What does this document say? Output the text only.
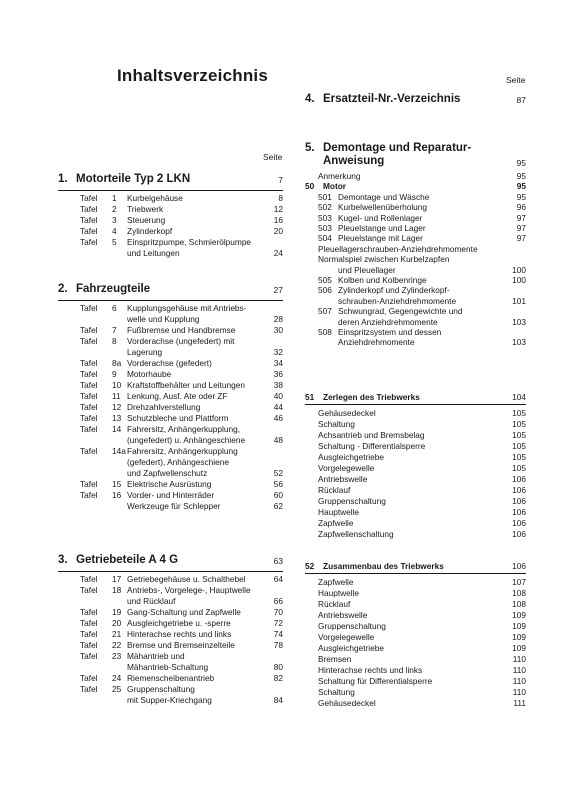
Inhaltsverzeichnis	Seite
Seite
1. Motorteile Typ 2 LKN	7
Tafel 1 Kurbelgehäuse	8
Tafel 2 Triebwerk	12
Tafel 3 Steuerung	16
Tafel 4 Zylinderkopf	20
Tafel 5 Einspritzpumpe, Schmierölpumpe
und Leitungen	24
2. Fahrzeugteile	27
Tafel 6 Kupplungsgehäuse mit Antriebs-
welle und Kupplung	28
Tafel 7 Fußbremse und Handbremse	30
Tafel 8 Vorderachse (ungefedert) mit
Lagerung	32
Tafel 8a Vorderachse (gefedert)	34
Tafel 9 Motorhaube	36
Tafel 10 Kraftstoffbehälter und Leitungen	38
Tafel 11 Lenkung, Ausf. Ate oder ZF	40
Tafel 12 Drehzahlverstellung	44
Tafel 13 Schutzbleche und Plattform	46
Tafel 14 Fahrersitz, Anhängerkupplung,
(ungefedert) u. Anhängeschiene	48
Tafel 14a Fahrersitz, Anhängerkupplung
(gefedert), Anhängeschiene
und Zapfwellenschutz	52
Tafel 15 Elektrische Ausrüstung	56
Tafel 16 Vorder- und Hinterräder	60
Werkzeuge für Schlepper	62
3. Getriebeteile A 4 G	63
Tafel 17 Getriebegehäuse u. Schalthebel	64
Tafel 18 Antriebs-, Vorgelege-, Hauptwelle
und Rücklauf	66
Tafel 19 Gang-Schaltung und Zapfwelle	70
Tafel 20 Ausgleichgetriebe u. -sperre	72
Tafel 21 Hinterachse rechts und links	74
Tafel 22 Bremse und Bremseinzelteile	78
Tafel 23 Mähantrieb und
Mähantrieb-Schaltung	80
Tafel 24 Riemenscheibenantrieb	82
Tafel 25 Gruppenschaltung
mit Supper-Kriechgang	84
4. Ersatzteil-Nr.-Verzeichnis	87
5. Demontage und Reparatur-
Anweisung	95
Anmerkung	95
50 Motor	95
501 Demontage und Wäsche	95
502 Kurbelwellenüberholung	96
503 Kugel- und Rollenlager	97
503 Pleuelstange und Lager	97
504 Pleuelstange mit Lager	97
Pleuellagerschrauben-Anziehdrehmomente
Normalspiel zwischen Kurbelzapfen
und Pleuellager	100
505 Kolben und Kolbenringe	100
506 Zylinderkopf und Zylinderkopf-
schrauben-Anziehdrehmomente	101
507 Schwungrad, Gegengewichte und
deren Anziehdrehmomente	103
508 Einspritzsystem und dessen
Anziehdrehmomente	103
51 Zerlegen des Triebwerks	104
Gehäusedeckel	105
Schaltung	105
Achsantrieb und Bremsbelag	105
Schaltung - Differentialsperre	105
Ausgleichgetriebe	105
Vorgelegewelle	105
Antriebswelle	106
Rücklauf	106
Gruppenschaltung	106
Hauptwelle	106
Zapfwelle	106
Zapfwellenschaltung	106
52 Zusammenbau des Triebwerks	106
Zapfwelle	107
Hauptwelle	108
Rücklauf	108
Antriebswelle	109
Gruppenschaltung	109
Vorgelegewelle	109
Ausgleichgetriebe	109
Bremsen	110
Hinterachse rechts und links	110
Schaltung für Differentialsperre	110
Schaltung	110
Gehäusedeckel	111
